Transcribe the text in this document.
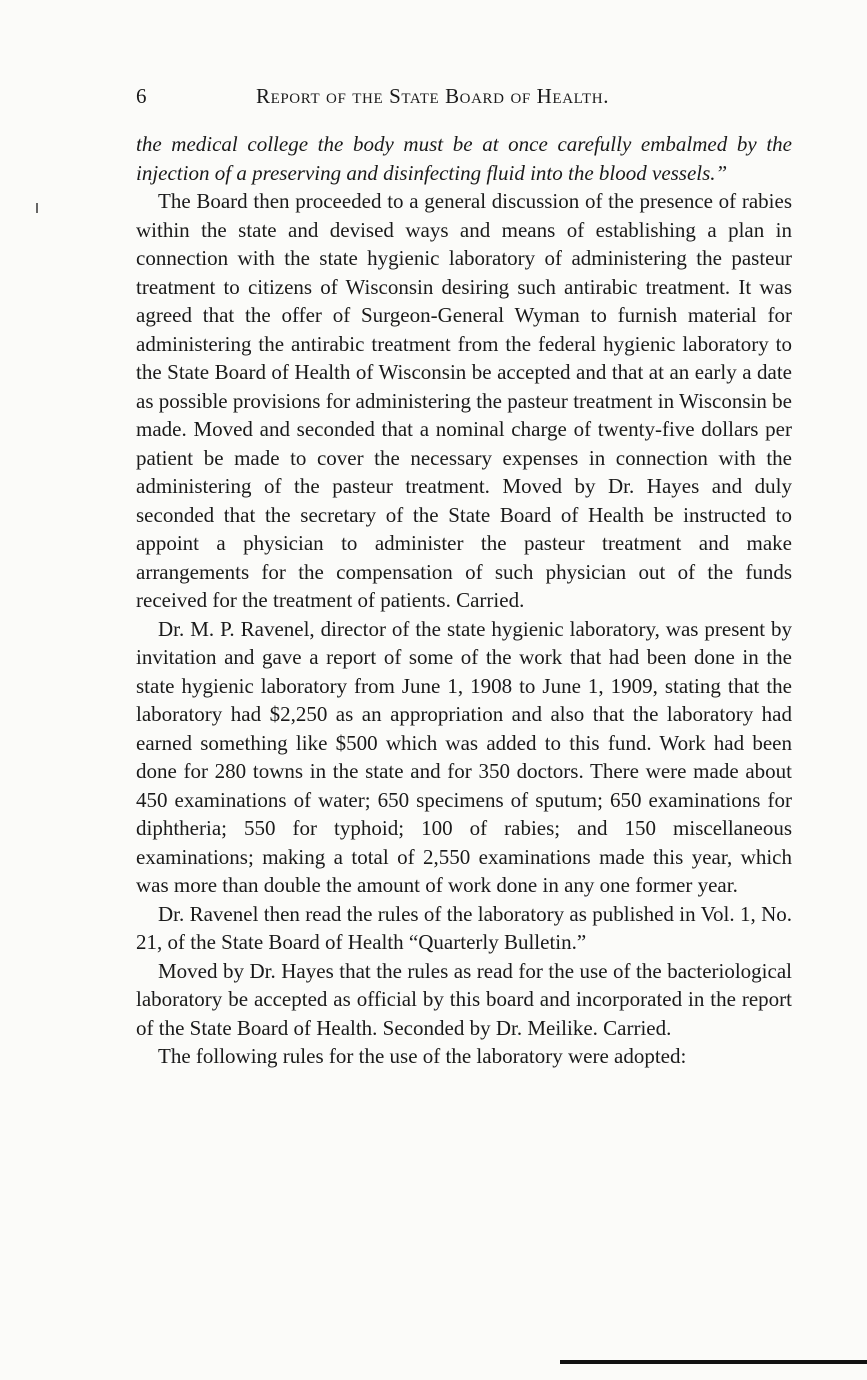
6	Report of the State Board of Health.

the medical college the body must be at once carefully embalmed by the injection of a preserving and disinfecting fluid into the blood vessels.”

The Board then proceeded to a general discussion of the presence of rabies within the state and devised ways and means of establishing a plan in connection with the state hygienic laboratory of administering the pasteur treatment to citizens of Wisconsin desiring such antirabic treatment. It was agreed that the offer of Surgeon-General Wyman to furnish material for administering the antirabic treatment from the federal hygienic laboratory to the State Board of Health of Wisconsin be accepted and that at an early a date as possible provisions for administering the pasteur treatment in Wisconsin be made. Moved and seconded that a nominal charge of twenty-five dollars per patient be made to cover the necessary expenses in connection with the administering of the pasteur treatment. Moved by Dr. Hayes and duly seconded that the secretary of the State Board of Health be instructed to appoint a physician to administer the pasteur treatment and make arrangements for the compensation of such physician out of the funds received for the treatment of patients. Carried.

Dr. M. P. Ravenel, director of the state hygienic laboratory, was present by invitation and gave a report of some of the work that had been done in the state hygienic laboratory from June 1, 1908 to June 1, 1909, stating that the laboratory had $2,250 as an appropriation and also that the laboratory had earned something like $500 which was added to this fund. Work had been done for 280 towns in the state and for 350 doctors. There were made about 450 examinations of water; 650 specimens of sputum; 650 examinations for diphtheria; 550 for typhoid; 100 of rabies; and 150 miscellaneous examinations; making a total of 2,550 examinations made this year, which was more than double the amount of work done in any one former year.

Dr. Ravenel then read the rules of the laboratory as published in Vol. 1, No. 21, of the State Board of Health “Quarterly Bulletin.”

Moved by Dr. Hayes that the rules as read for the use of the bacteriological laboratory be accepted as official by this board and incorporated in the report of the State Board of Health. Seconded by Dr. Meilike. Carried.

The following rules for the use of the laboratory were adopted:
